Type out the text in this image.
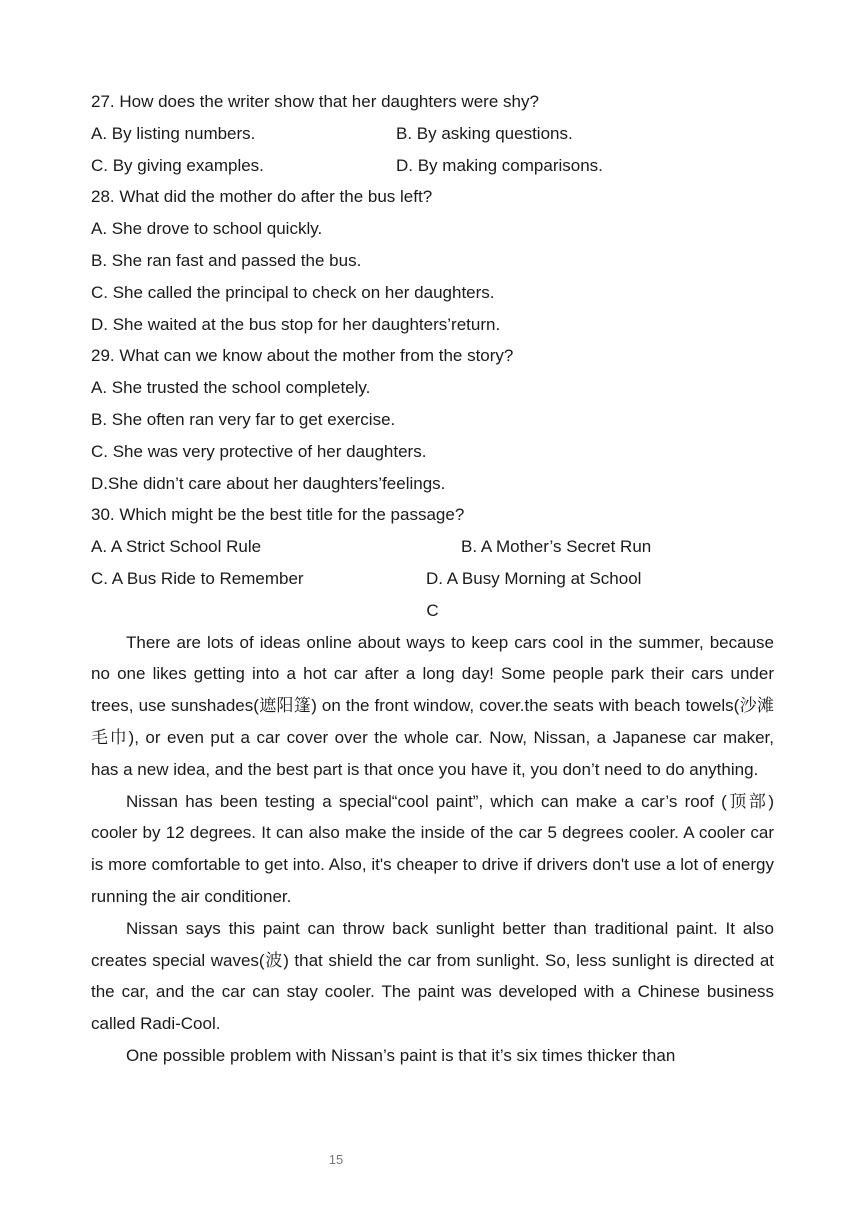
27. How does the writer show that her daughters were shy?
A. By listing numbers.	B. By asking questions.
C. By giving examples.	D. By making comparisons.
28. What did the mother do after the bus left?
A. She drove to school quickly.
B. She ran fast and passed the bus.
C. She called the principal to check on her daughters.
D. She waited at the bus stop for her daughters’return.
29. What can we know about the mother from the story?
A. She trusted the school completely.
B. She often ran very far to get exercise.
C. She was very protective of her daughters.
D.She didn’t care about her daughters’feelings.
30. Which might be the best title for the passage?
A. A Strict School Rule	B. A Mother’s Secret Run
C. A Bus Ride to Remember	D. A Busy Morning at School
C

There are lots of ideas online about ways to keep cars cool in the summer, because no one likes getting into a hot car after a long day! Some people park their cars under trees, use sunshades(遮阳篷) on the front window, cover.the seats with beach towels(沙滩毛巾), or even put a car cover over the whole car. Now, Nissan, a Japanese car maker, has a new idea, and the best part is that once you have it, you don’t need to do anything.

Nissan has been testing a special“cool paint”, which can make a car’s roof (顶部) cooler by 12 degrees. It can also make the inside of the car 5 degrees cooler. A cooler car is more comfortable to get into. Also, it's cheaper to drive if drivers don't use a lot of energy running the air conditioner.

Nissan says this paint can throw back sunlight better than traditional paint. It also creates special waves(波) that shield the car from sunlight. So, less sunlight is directed at the car, and the car can stay cooler. The paint was developed with a Chinese business called Radi-Cool.

One possible problem with Nissan’s paint is that it’s six times thicker than

15
